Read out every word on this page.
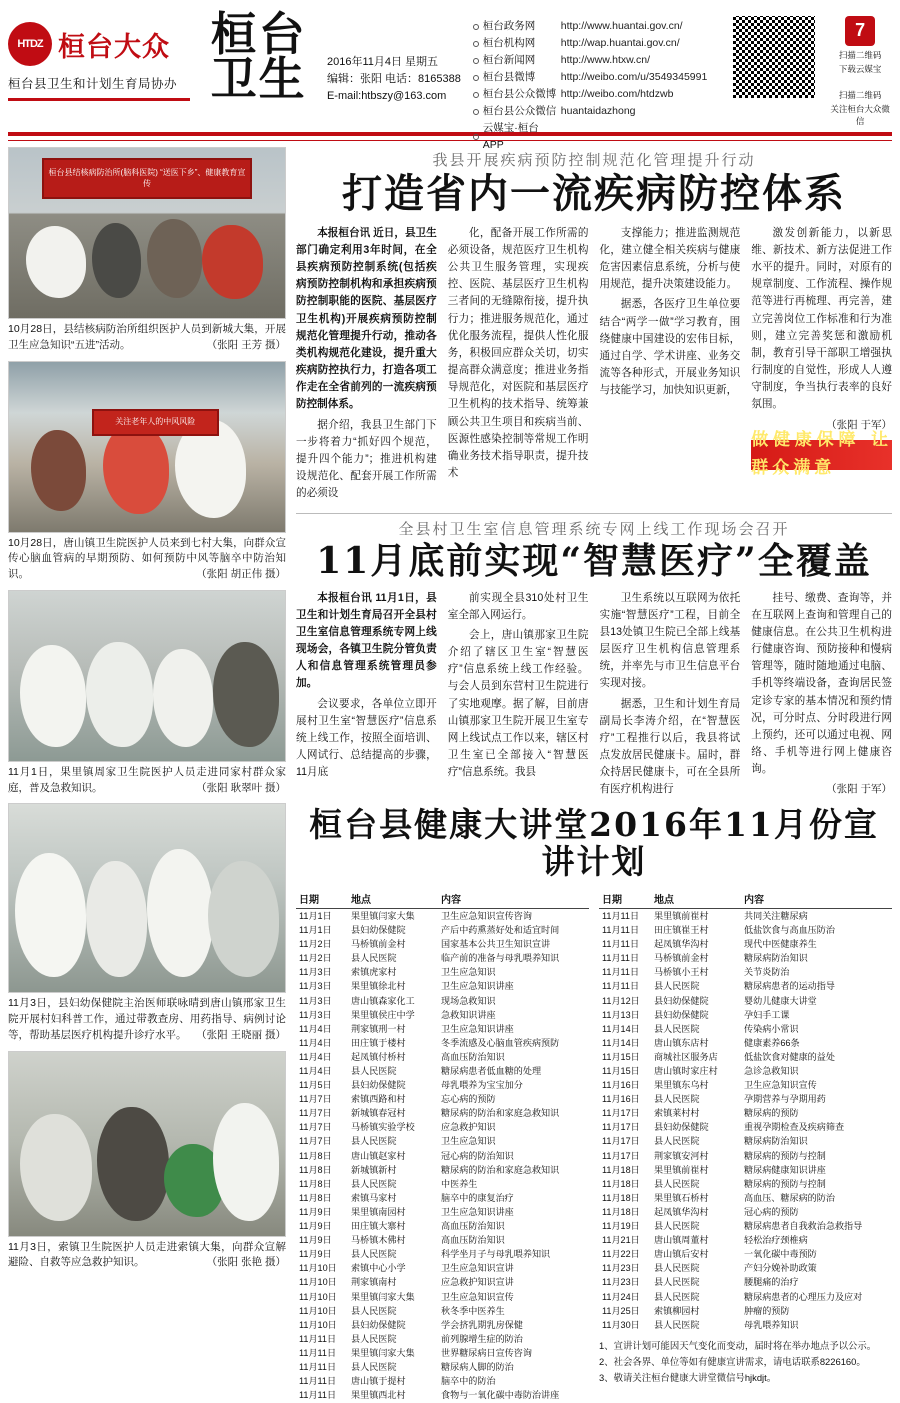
HTDZ 桓台大众
桓台县卫生和计划生育局协办
桓台
卫生	2016年11月4日 星期五
编辑：张阳 电话：8165388
E-mail:htbszy@163.com
桓台政务网	http://www.huantai.gov.cn/
桓台机构网	http://wap.huantai.gov.cn/
桓台新闻网	http://www.htxw.cn/
桓台县微博	http://weibo.com/u/3549345991
桓台县公众微博 http://weibo.com/htdzwb
桓台县公众微信 huantaidazhong
云媒宝·桓台APP
7
扫描二维码
下载云媒宝
扫描二维码
关注桓台大众微信
桓台县结核病防治所(脑科医院) “送医下乡”、健康教育宣传
10月28日，县结核病防治所组织医护人员到新城大集，开展卫生应急知识“五进”活动。	（张阳 王芳 摄）
关注老年人的中风风险
10月28日，唐山镇卫生院医护人员来到七村大集，向群众宣传心脑血管病的早期预防、如何预防中风等脑卒中防治知识。	（张阳 胡正伟 摄）
11月1日，果里镇周家卫生院医护人员走进同家村群众家庭，普及急救知识。	（张阳 耿翠叶 摄）
11月3日，县妇幼保健院主治医师联咏晴到唐山镇邢家卫生院开展村妇科普工作，通过带教查房、用药指导、病例讨论等，帮助基层医疗机构提升诊疗水平。 （张阳 王晓丽 摄）
11月3日，索镇卫生院医护人员走进索镇大集，向群众宣解避险、自救等应急救护知识。	（张阳 张艳 摄）
我县开展疾病预防控制规范化管理提升行动
打造省内一流疾病防控体系

本报桓台讯 近日，县卫生部门确定利用3年时间，在全县疾病预防控制系统(包括疾病预防控制机构和承担疾病预防控制职能的医院、基层医疗卫生机构)开展疾病预防控制规范化管理提升行动，推动各类机构规范化建设，提升重大疾病防控执行力，打造各项工作走在全省前列的一流疾病预防控制体系。

据介绍，我县卫生部门下一步将着力“抓好四个规范，提升四个能力”；推进机构建设规范化、配套开展工作所需的必须设

化，配备开展工作所需的必须设备，规范医疗卫生机构公共卫生服务管理，实现疾控、医院、基层医疗卫生机构三者间的无缝隙衔接，提升执行力；推进服务规范化，通过优化服务流程，提供人性化服务，积极回应群众关切，切实提高群众满意度；推进业务指导规范化，对医院和基层医疗卫生机构的技术指导、统筹兼顾公共卫生项目和疾病当前、医源性感染控制等常规工作明确业务技术指导职责，提升技术

支撑能力；推进监测规范化，建立健全相关疾病与健康危害因素信息系统，分析与使用规范，提升决策建设能力。

据悉，各医疗卫生单位要结合“两学一做”学习教育，围绕健康中国建设的宏伟目标，通过自学、学术讲座、业务交流等各种形式，开展业务知识与技能学习，加快知识更新，

激发创新能力，以新思维、新技术、新方法促进工作水平的提升。同时，对原有的规章制度、工作流程、操作规范等进行再梳理、再完善，建立完善岗位工作标准和行为准则，建立完善奖惩和激励机制，教育引导干部职工增强执行制度的自觉性，形成人人遵守制度，争当执行表率的良好氛围。

（张阳 于军）
做健康保障 让群众满意
全县村卫生室信息管理系统专网上线工作现场会召开
11月底前实现“智慧医疗”全覆盖

本报桓台讯 11月1日，县卫生和计划生育局召开全县村卫生室信息管理系统专网上线现场会，各镇卫生院分管负责人和信息管理系统管理员参加。

会议要求，各单位立即开展村卫生室“智慧医疗”信息系统上线工作，按照全面培训、人网试行、总结提高的步骤，11月底

前实现全县310处村卫生室全部入网运行。

会上，唐山镇那家卫生院介绍了辖区卫生室“智慧医疗”信息系统上线工作经验。与会人员到东营村卫生院进行了实地观摩。据了解，目前唐山镇那家卫生院开展卫生室专网上线试点工作以来，辖区村卫生室已全部接入“智慧医疗”信息系统。我县

卫生系统以互联网为依托实施“智慧医疗”工程，目前全县13处镇卫生院已全部上线基层医疗卫生机构信息管理系统，并率先与市卫生信息平台实现对接。

据悉，卫生和计划生育局副局长李涛介绍，在“智慧医疗”工程推行以后，我县将试点发放居民健康卡。届时，群众持居民健康卡，可在全县所有医疗机构进行

挂号、缴费、查询等，并在互联网上查询和管理自己的健康信息。在公共卫生机构进行健康咨询、预防接种和慢病管理等，随时随地通过电脑、手机等终端设备，查询居民签定诊专家的基本情况和预约情况，可分时点、分时段进行网上预约，还可以通过电视、网络、手机等进行网上健康咨询。

（张阳 于军）
桓台县健康大讲堂2016年11月份宣讲计划
日期	地点	内容
11月1日	果里镇闫家大集		卫生应急知识宣传咨询

11月1日	县妇幼保健院		产后中药熏蒸好处和适宜时间

11月2日	马桥镇前金村		国家基本公共卫生知识宣讲

11月2日	县人民医院		临产前的准备与母乳喂养知识

11月3日	索镇虎家村		卫生应急知识

11月3日	果里镇徐北村		卫生应急知识讲座

11月3日	唐山镇森家化工		现场急救知识

11月3日	果里镇侯庄中学		急救知识讲座

11月4日	荆家镇刑一村		卫生应急知识讲座

11月4日	田庄镇于楼村		冬季流感及心脑血管疾病预防

11月4日	起凤镇付桥村		高血压防治知识

11月4日	县人民医院		糖尿病患者低血糖的处理

11月5日	县妇幼保健院		母乳喂养为宝宝加分

11月7日	索镇西路和村		忘心病的预防

11月7日	新城镇春冠村		糖尿病的防治和家庭急救知识

11月7日	马桥镇实验学校		应急救护知识

11月7日	县人民医院		卫生应急知识

11月8日	唐山镇赵家村		冠心病的防治知识

11月8日	新城镇新村		糖尿病的防治和家庭急救知识

11月8日	县人民医院		中医养生

11月8日	索镇马家村		脑卒中的康复治疗

11月9日	果里镇南园村		卫生应急知识讲座

11月9日	田庄镇大寨村		高血压防治知识

11月9日	马桥镇木佛村		高血压防治知识

11月9日	县人民医院		科学坐月子与母乳喂养知识

11月10日	索镇中心小学		卫生应急知识宣讲

11月10日	荆家镇南村		应急救护知识宣讲

11月10日	果里镇闫家大集		卫生应急知识宣传

11月10日	县人民医院		秋冬季中医养生

11月10日	县妇幼保健院		学会挤乳期乳房保健

11月11日	县人民医院		前列腺增生症的防治

11月11日	果里镇闫家大集		世界糖尿病日宣传咨询

11月11日	县人民医院		糖尿病人脚的防治

11月11日	唐山镇于提村		脑卒中的防治

11月11日	果里镇西北村		食物与一氧化碳中毒防治讲座
日期	地点	内容
11月11日	果里镇前崔村		共同关注糖尿病

11月11日	田庄镇崔王村		低盐饮食与高血压防治

11月11日	起凤镇华沟村		现代中医健康养生

11月11日	马桥镇前金村		糖尿病防治知识

11月11日	马桥镇小王村		关节炎防治

11月11日	县人民医院		糖尿病患者的运动指导

11月12日	县妇幼保健院		婴幼儿健康大讲堂

11月13日	县妇幼保健院		孕妇手工课

11月14日	县人民医院		传染病小常识

11月14日	唐山镇东店村		健康素养66条

11月15日	商城社区服务店		低盐饮食对健康的益处

11月15日	唐山镇时家庄村		急诊急救知识

11月16日	果里镇东乌村		卫生应急知识宣传

11月16日	县人民医院		孕期营养与孕期用药

11月17日	索镇莱村村		糖尿病的预防

11月17日	县妇幼保健院		重视孕期检查及疾病筛查

11月17日	县人民医院		糖尿病防治知识

11月17日	荆家镇安河村		糖尿病的预防与控制

11月18日	果里镇前崔村		糖尿病健康知识讲座

11月18日	县人民医院		糖尿病的预防与控制

11月18日	果里镇石桥村		高血压、糖尿病的防治

11月18日	起凤镇华沟村		冠心病的预防

11月19日	县人民医院		糖尿病患者自我救治急救指导

11月21日	唐山镇周董村		轻松治疗颈椎病

11月22日	唐山镇后安村		一氧化碳中毒预防

11月23日	县人民医院		产妇分娩补助政策

11月23日	县人民医院		腰腿痛的治疗

11月24日	县人民医院		糖尿病患者的心理压力及应对

11月25日	索镇柳园村		肿瘤的预防

11月30日	县人民医院		母乳喂养知识
1、宣讲计划可能因天气变化而变动，届时将在举办地点予以公示。
2、社会各界、单位等如有健康宣讲需求，请电话联系8226160。
3、敬请关注桓台健康大讲堂微信号hjkdjt。
